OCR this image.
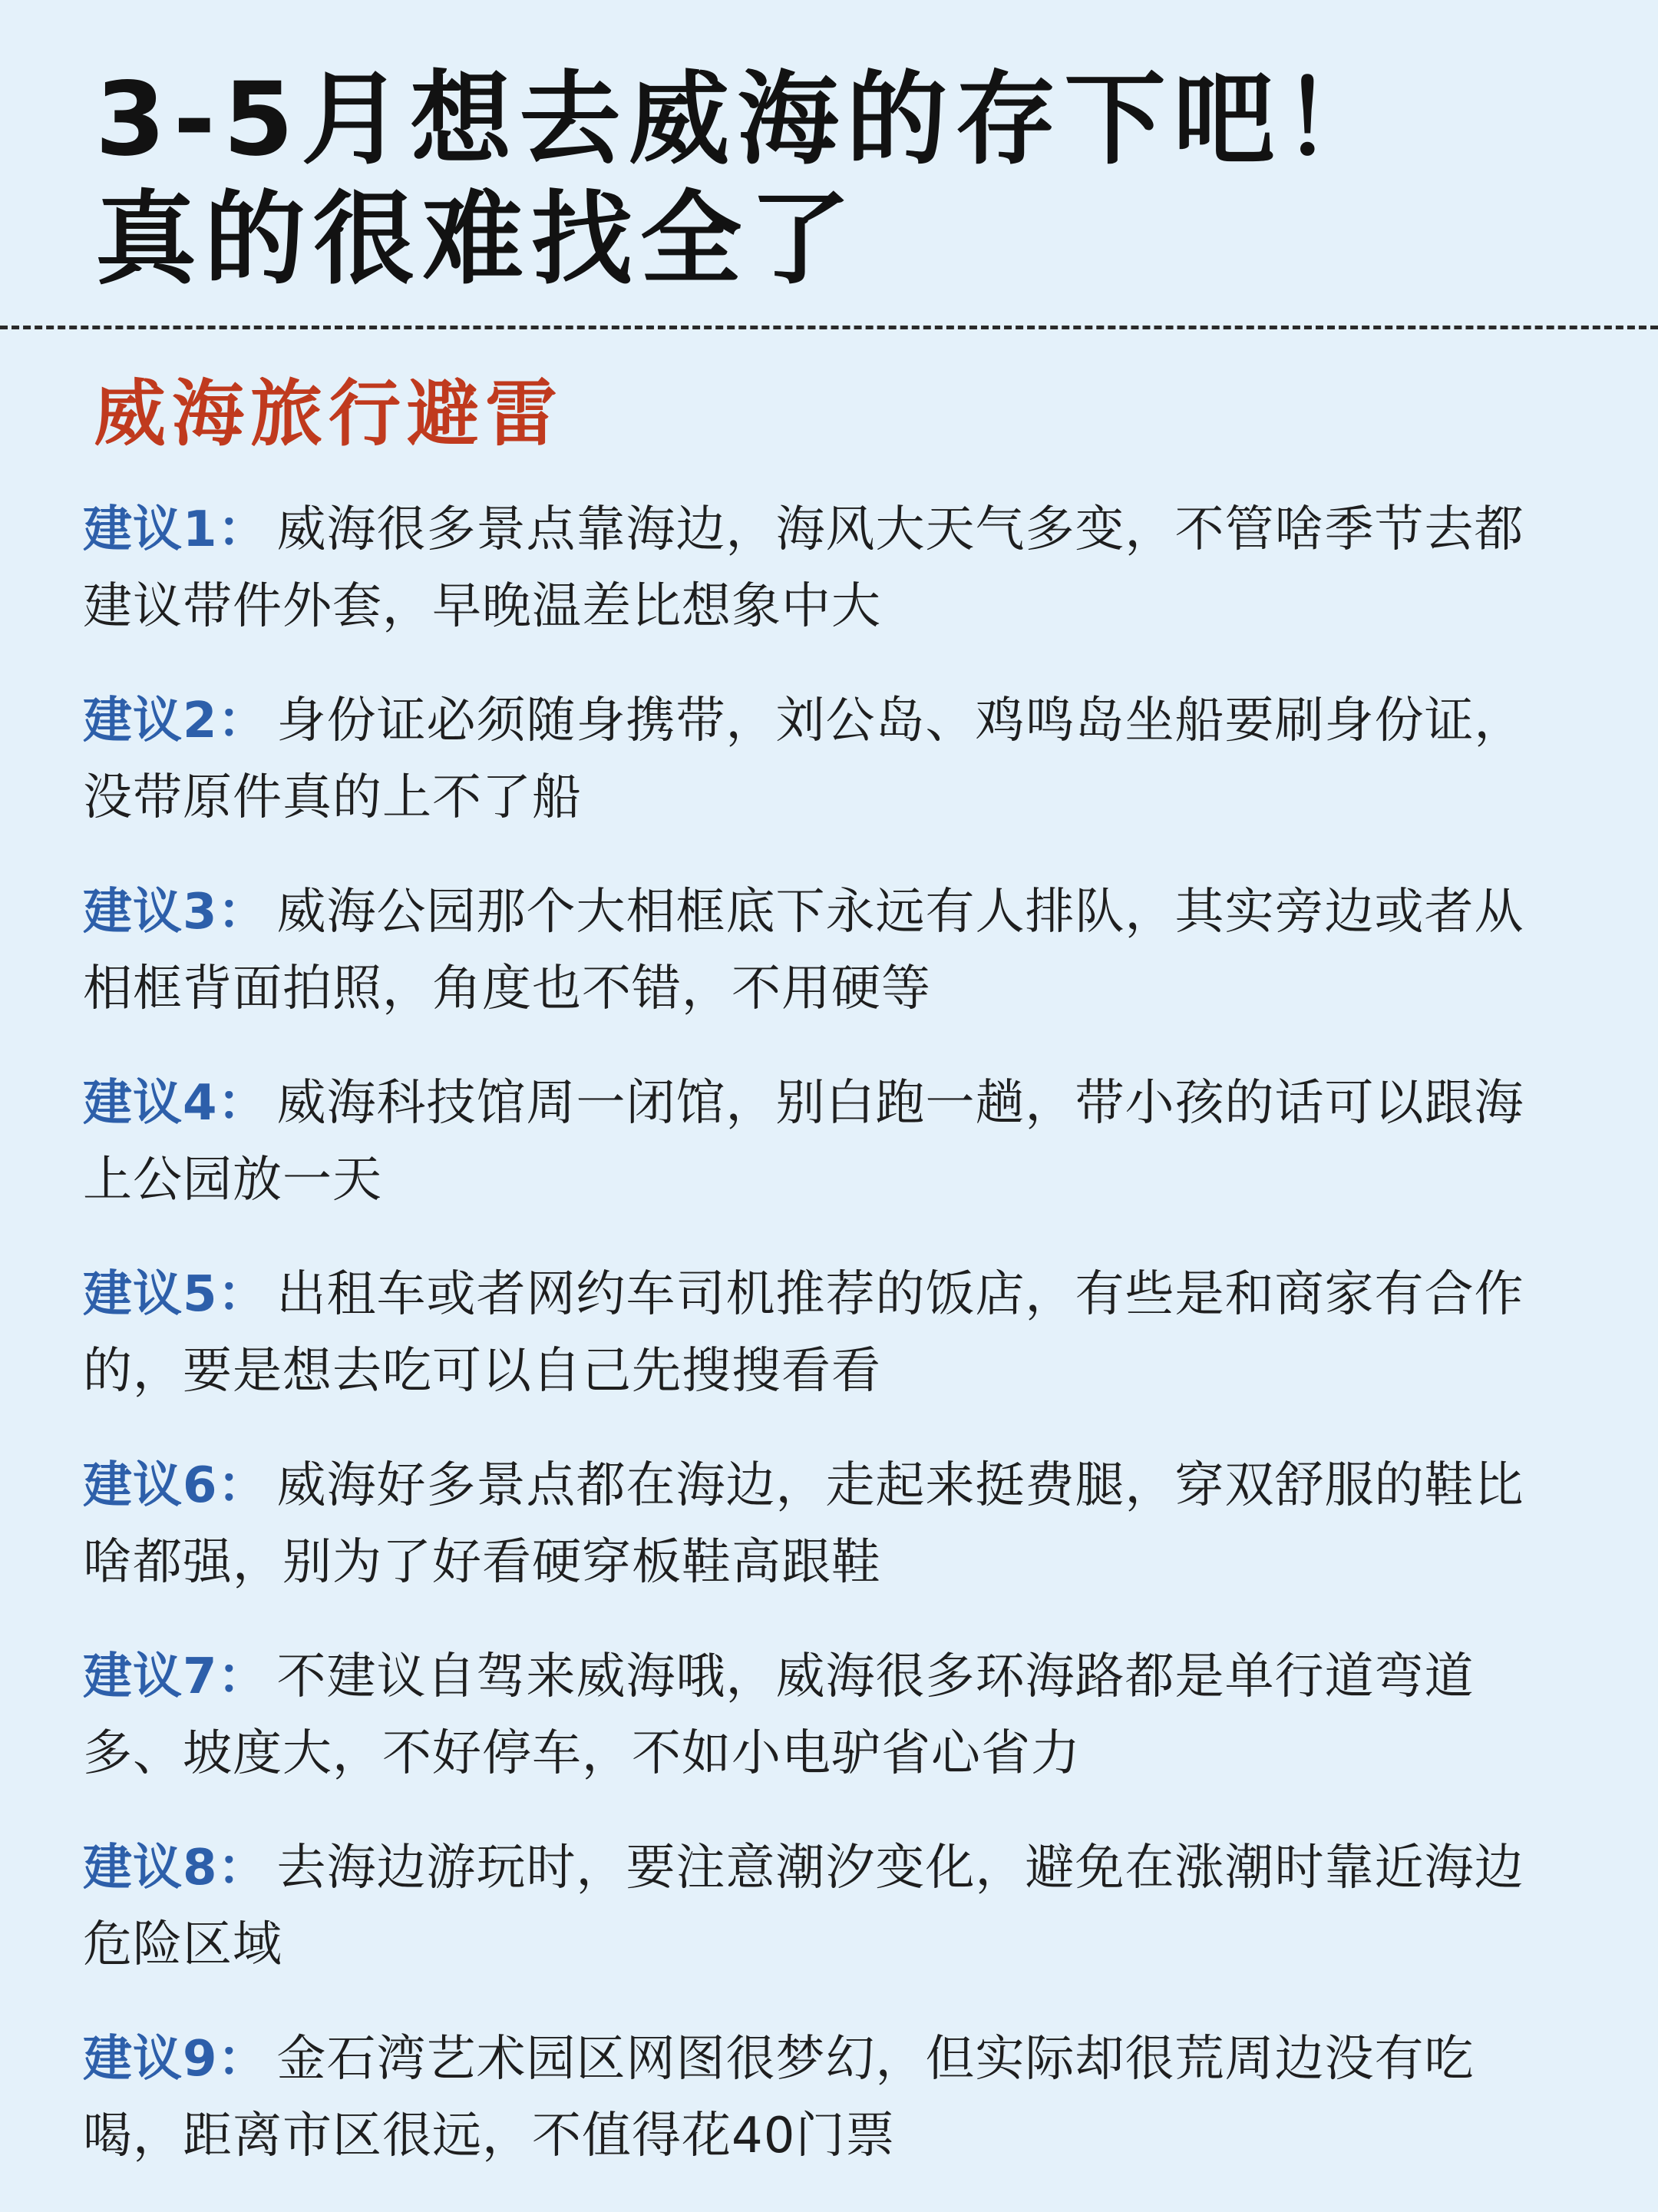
3-5月想去威海的存下吧！
真的很难找全了
威海旅行避雷
建议1： 威海很多景点靠海边，海风大天气多变，不管啥季节去都建议带件外套，早晚温差比想象中大
建议2： 身份证必须随身携带，刘公岛、鸡鸣岛坐船要刷身份证，没带原件真的上不了船
建议3： 威海公园那个大相框底下永远有人排队，其实旁边或者从相框背面拍照，角度也不错，不用硬等
建议4： 威海科技馆周一闭馆，别白跑一趟，带小孩的话可以跟海上公园放一天
建议5： 出租车或者网约车司机推荐的饭店，有些是和商家有合作的，要是想去吃可以自己先搜搜看看
建议6： 威海好多景点都在海边，走起来挺费腿，穿双舒服的鞋比啥都强，别为了好看硬穿板鞋高跟鞋
建议7： 不建议自驾来威海哦，威海很多环海路都是单行道弯道多、坡度大，不好停车，不如小电驴省心省力
建议8： 去海边游玩时，要注意潮汐变化，避免在涨潮时靠近海边危险区域
建议9： 金石湾艺术园区网图很梦幻，但实际却很荒周边没有吃喝，距离市区很远，不值得花40门票
